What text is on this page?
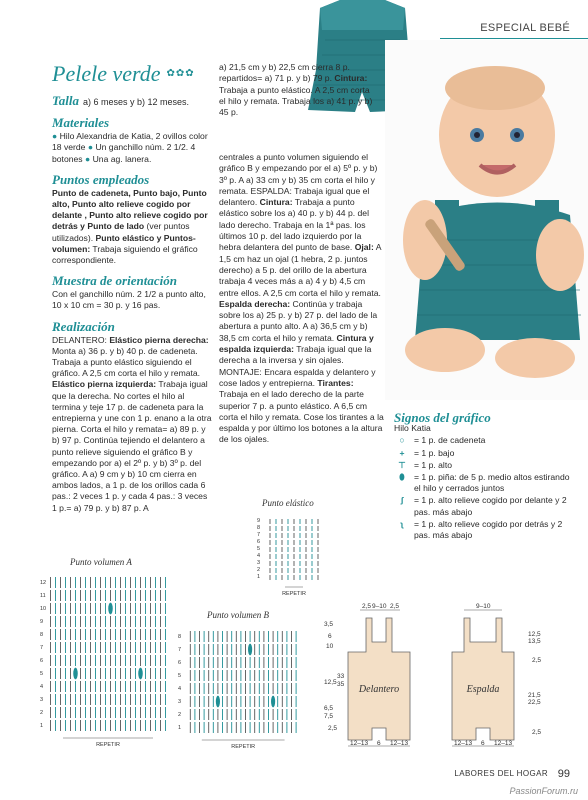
ESPECIAL BEBÉ
Pelele verde ✿✿✿
Talla a) 6 meses y b) 12 meses.
Materiales

● Hilo Alexandria de Katia, 2 ovillos color 18 verde ● Un ganchillo núm. 2 1/2. 4 botones ● Una ag. lanera.

Puntos empleados

Punto de cadeneta, Punto bajo, Punto alto, Punto alto relieve cogido por delante , Punto alto relieve cogido por detrás y Punto de lado (ver puntos utilizados). Punto elástico y Puntos-volumen: Trabaja siguiendo el gráfico correspondiente.

Muestra de orientación

Con el ganchillo núm. 2 1/2 a punto alto, 10 x 10 cm = 30 p. y 16 pas.

Realización

DELANTERO: Elástico pierna derecha: Monta a) 36 p. y b) 40 p. de cadeneta. Trabaja a punto elástico siguiendo el gráfico. A 2,5 cm corta el hilo y remata. Elástico pierna izquierda: Trabaja igual que la derecha. No cortes el hilo al termina y teje 17 p. de cadeneta para la entrepierna y une con 1 p. enano a la otra pierna. Corta el hilo y remata= a) 89 p. y b) 97 p. Continúa tejiendo el delantero a punto relieve siguiendo el gráfico B y empezando por a) el 2º p. y b) 3º p. del gráfico. A a) 9 cm y b) 10 cm cierra en ambos lados, a 1 p. de los orillos cada 6 pas.: 2 veces 1 p. y cada 4 pas.: 3 veces 1 p.= a) 79 p. y b) 87 p. A

a) 21,5 cm y b) 22,5 cm cierra 8 p. repartidos= a) 71 p. y b) 79 p. Cintura: Trabaja a punto elástico. A 2,5 cm corta el hilo y remata. Trabaja los a) 41 p. y b) 45 p.

centrales a punto volumen siguiendo el gráfico B y empezando por el a) 5º p. y b) 3º p. A a) 33 cm y b) 35 cm corta el hilo y remata. ESPALDA: Trabaja igual que el delantero. Cintura: Trabaja a punto elástico sobre los a) 40 p. y b) 44 p. del lado derecho. Trabaja en la 1ª pas. los últimos 10 p. del lado izquierdo por la hebra delantera del punto de base. Ojal: A 1,5 cm haz un ojal (1 hebra, 2 p. juntos derecho) a 5 p. del orillo de la abertura trabaja 4 veces más a a) 4 y b) 4,5 cm entre ellos. A 2,5 cm corta el hilo y remata. Espalda derecha: Continúa y trabaja sobre los a) 25 p. y b) 27 p. del lado de la abertura a punto alto. A a) 36,5 cm y b) 38,5 cm corta el hilo y remata. Cintura y espalda izquierda: Trabaja igual que la derecha a la inversa y sin ojales. MONTAJE: Encara espalda y delantero y cose lados y entrepierna. Tirantes: Trabaja en el lado derecho de la parte superior 7 p. a punto elástico. A 6,5 cm corta el hilo y remata. Cose los tirantes a la espalda y por último los botones a la altura de los ojales.

Signos del gráfico
Hilo Katia
○	= 1 p. de cadeneta
+	= 1 p. bajo
⊤ = 1 p. alto
⬮	= 1 p. piña: de 5 p. medio altos estirando el hilo y cerrados juntos
ʃ	= 1 p. alto relieve cogido por delante y 2 pas. más abajo
ʅ	= 1 p. alto relieve cogido por detrás y 2 pas. más abajo
Punto elástico
9
8
7
6
5
4
3
2
1
REPETIR
Punto volumen A
12
11
10
9
8
7
6
5
4
3
2
1
REPETIR
Punto volumen B
8
7
6
5
4
3
2
1
REPETIR
Delantero	Espalda
2,5 9–10 2,5	9–10
3,5
6
10
12,5
33
35
6,5
7,5
2,5
12–13 6 12–13	12–13 6 12–13
12,5
13,5
2,5
21,5
22,5
2,5
LABORES DEL HOGAR 99
PassionForum.ru
